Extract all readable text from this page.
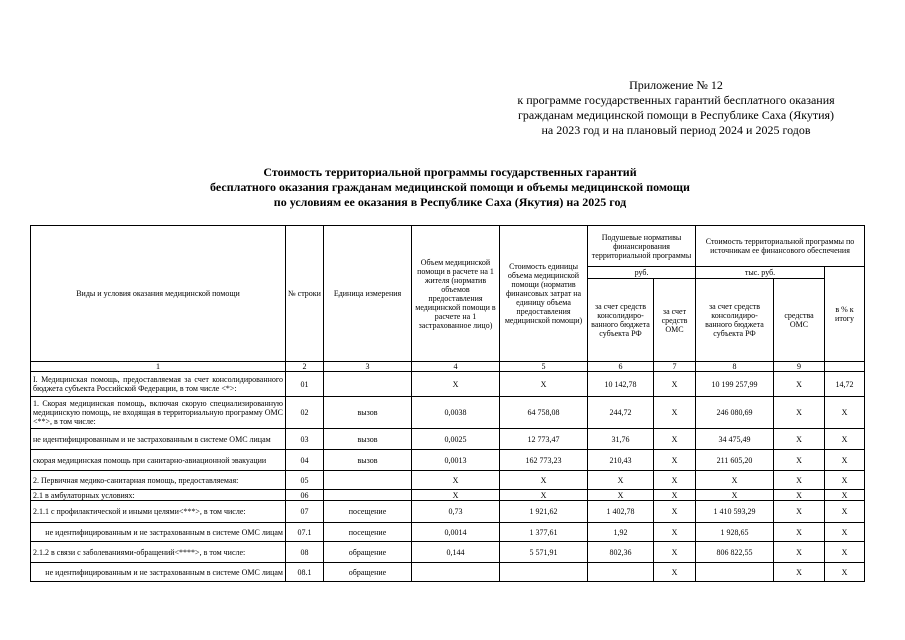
Приложение № 12
к программе государственных гарантий бесплатного оказания
гражданам медицинской помощи в Республике Саха (Якутия)
на 2023 год и на плановый период 2024 и 2025 годов
Стоимость территориальной программы государственных гарантий
бесплатного оказания гражданам медицинской помощи и объемы медицинской помощи
по условиям ее оказания в Республике Саха (Якутия) на 2025 год
Виды и условия оказания медицинской помощи	№ строки	Единица измерения	Объем медицинской помощи в расчете на 1 жителя (норматив объемов предоставления медицинской помощи в расчете на 1 застрахованное лицо)	Стоимость единицы объема медицинской помощи (норматив финансовых затрат на единицу объема предоставления медицинской помощи)	Подушевые нормативы финансирования территориальной программы		Стоимость территориальной программы по источникам ее финансового обеспечения		
					руб.		тыс. руб.		в % к итогу
					за счет средств консолидиро-ванного бюджета субъекта РФ	за счет средств ОМС	за счет средств консолидиро-ванного бюджета субъекта РФ	средства ОМС	
1	2	3	4	5	6	7	8	9	
I. Медицинская помощь, предоставляемая за счет консолидированного бюджета субъекта Российской Федерации, в том числе <*>:	01		X	X	10 142,78	X	10 199 257,99	X	14,72
1. Скорая медицинская помощь, включая скорую специализированную медицинскую помощь, не входящая в территориальную программу ОМС <**>, в том числе:	02	вызов	0,0038	64 758,08	244,72	X	246 080,69	X	X
не идентифицированным и не застрахованным в системе ОМС лицам	03	вызов	0,0025	12 773,47	31,76	X	34 475,49	X	X
скорая медицинская помощь при санитарно-авиационной эвакуации	04	вызов	0,0013	162 773,23	210,43	X	211 605,20	X	X
2. Первичная медико-санитарная помощь, предоставляемая:	05		X	X	X	X	X	X	X
2.1 в амбулаторных условиях:	06		X	X	X	X	X	X	X
2.1.1 с профилактической и иными целями<***>, в том числе:	07	посещение	0,73	1 921,62	1 402,78	X	1 410 593,29	X	X
не идентифицированным и не застрахованным в системе ОМС лицам	07.1	посещение	0,0014	1 377,61	1,92	X	1 928,65	X	X
2.1.2 в связи с заболеваниями-обращений<****>, в том числе:	08	обращение	0,144	5 571,91	802,36	X	806 822,55	X	X
не идентифицированным и не застрахованным в системе ОМС лицам	08.1	обращение				X		X	X
